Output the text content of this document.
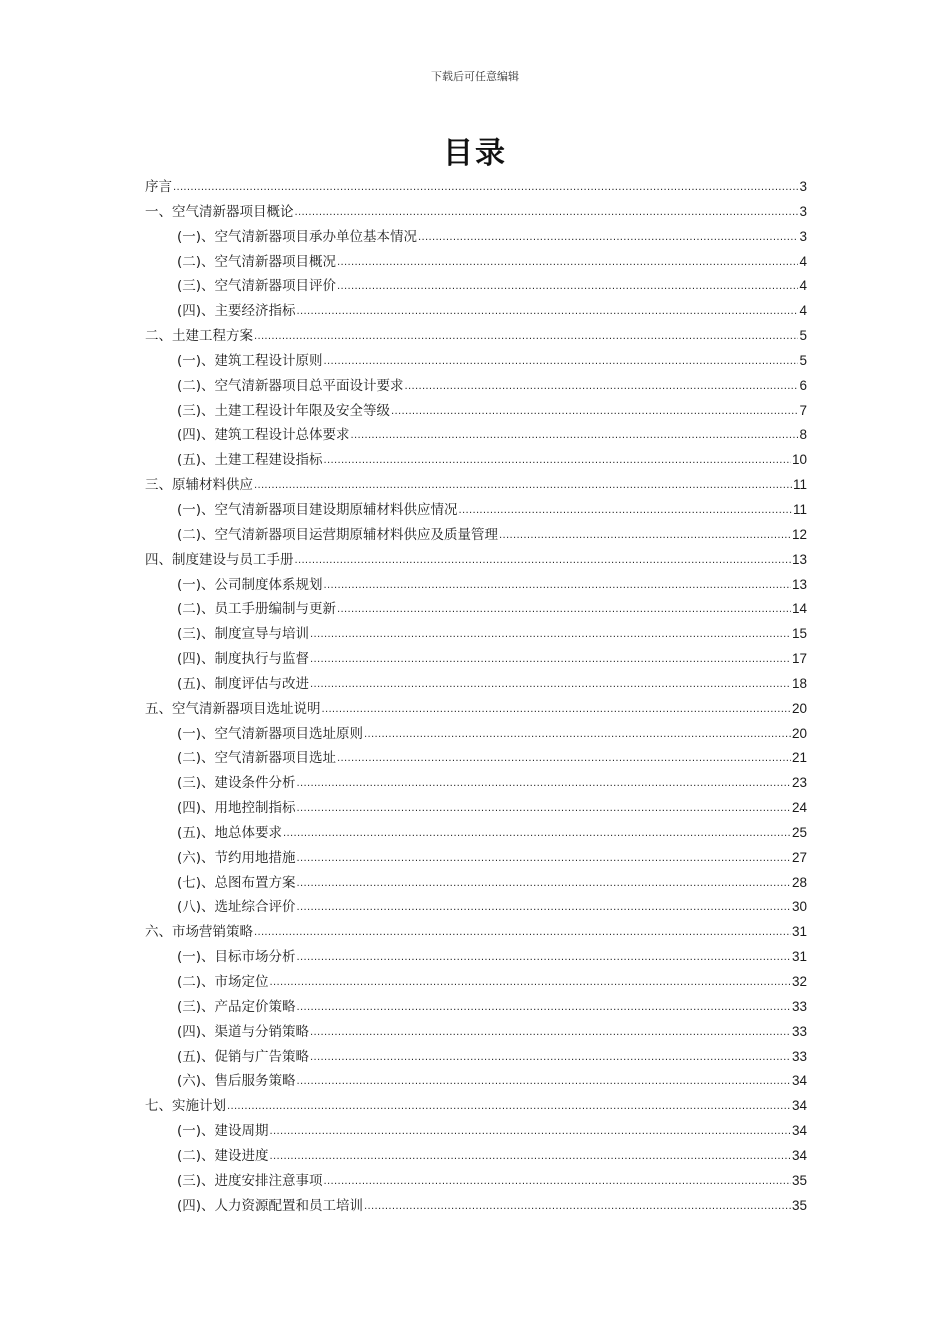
下载后可任意编辑
目录
序言 .....	3
一、空气清新器项目概论 .....	3
(一)、空气清新器项目承办单位基本情况 .....	3
(二)、空气清新器项目概况 .....	4
(三)、空气清新器项目评价 .....	4
(四)、主要经济指标 .....	4
二、土建工程方案 .....	5
(一)、建筑工程设计原则 .....	5
(二)、空气清新器项目总平面设计要求 .....	6
(三)、土建工程设计年限及安全等级 .....	7
(四)、建筑工程设计总体要求 .....	8
(五)、土建工程建设指标 .....	10
三、原辅材料供应 .....	11
(一)、空气清新器项目建设期原辅材料供应情况 .....	11
(二)、空气清新器项目运营期原辅材料供应及质量管理 .....	12
四、制度建设与员工手册 .....	13
(一)、公司制度体系规划 .....	13
(二)、员工手册编制与更新 .....	14
(三)、制度宣导与培训 .....	15
(四)、制度执行与监督 .....	17
(五)、制度评估与改进 .....	18
五、空气清新器项目选址说明 .....	20
(一)、空气清新器项目选址原则 .....	20
(二)、空气清新器项目选址 .....	21
(三)、建设条件分析 .....	23
(四)、用地控制指标 .....	24
(五)、地总体要求 .....	25
(六)、节约用地措施 .....	27
(七)、总图布置方案 .....	28
(八)、选址综合评价 .....	30
六、市场营销策略 .....	31
(一)、目标市场分析 .....	31
(二)、市场定位 .....	32
(三)、产品定价策略 .....	33
(四)、渠道与分销策略 .....	33
(五)、促销与广告策略 .....	33
(六)、售后服务策略 .....	34
七、实施计划 .....	34
(一)、建设周期 .....	34
(二)、建设进度 .....	34
(三)、进度安排注意事项 .....	35
(四)、人力资源配置和员工培训 .....	35
